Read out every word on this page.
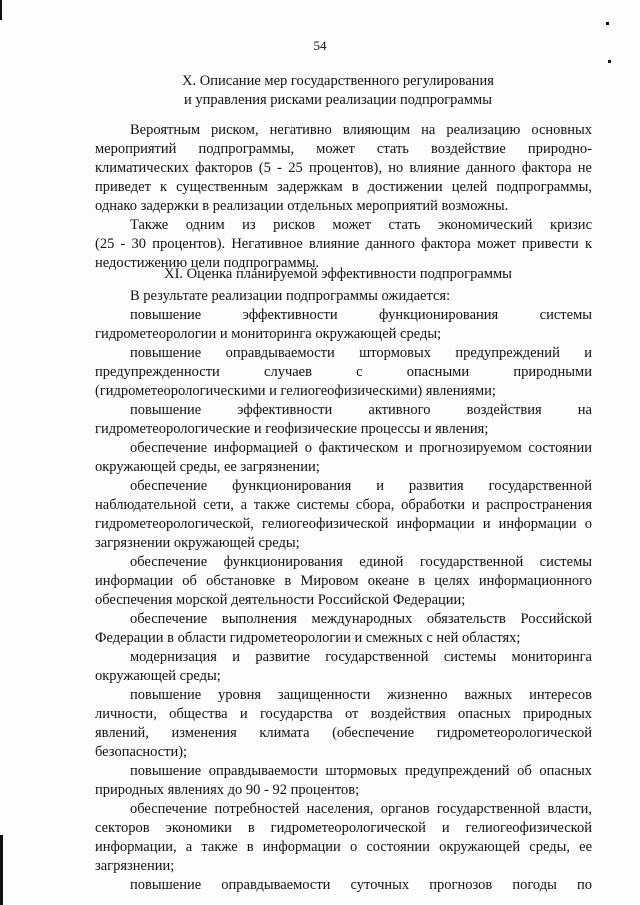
54
X. Описание мер государственного регулирования
и управления рисками реализации подпрограммы
Вероятным риском, негативно влияющим на реализацию основных
мероприятий подпрограммы, может стать воздействие природно-
климатических факторов (5 - 25 процентов), но влияние данного фактора не
приведет к существенным задержкам в достижении целей подпрограммы,
однако задержки в реализации отдельных мероприятий возможны.
Также одним из рисков может стать экономический кризис
(25 - 30 процентов). Негативное влияние данного фактора может привести к
недостижению цели подпрограммы.
XI. Оценка планируемой эффективности подпрограммы
В результате реализации подпрограммы ожидается:
повышение эффективности функционирования системы
гидрометеорологии и мониторинга окружающей среды;
повышение оправдываемости штормовых предупреждений и
предупрежденности случаев с опасными природными
(гидрометеорологическими и гелиогеофизическими) явлениями;
повышение эффективности активного воздействия на
гидрометеорологические и геофизические процессы и явления;
обеспечение информацией о фактическом и прогнозируемом состоянии
окружающей среды, ее загрязнении;
обеспечение функционирования и развития государственной
наблюдательной сети, а также системы сбора, обработки и распространения
гидрометеорологической, гелиогеофизической информации и информации о
загрязнении окружающей среды;
обеспечение функционирования единой государственной системы
информации об обстановке в Мировом океане в целях информационного
обеспечения морской деятельности Российской Федерации;
обеспечение выполнения международных обязательств Российской
Федерации в области гидрометеорологии и смежных с ней областях;
модернизация и развитие государственной системы мониторинга
окружающей среды;
повышение уровня защищенности жизненно важных интересов
личности, общества и государства от воздействия опасных природных
явлений, изменения климата (обеспечение гидрометеорологической
безопасности);
повышение оправдываемости штормовых предупреждений об опасных
природных явлениях до 90 - 92 процентов;
обеспечение потребностей населения, органов государственной власти,
секторов экономики в гидрометеорологической и гелиогеофизической
информации, а также в информации о состоянии окружающей среды, ее
загрязнении;
повышение оправдываемости суточных прогнозов погоды по
